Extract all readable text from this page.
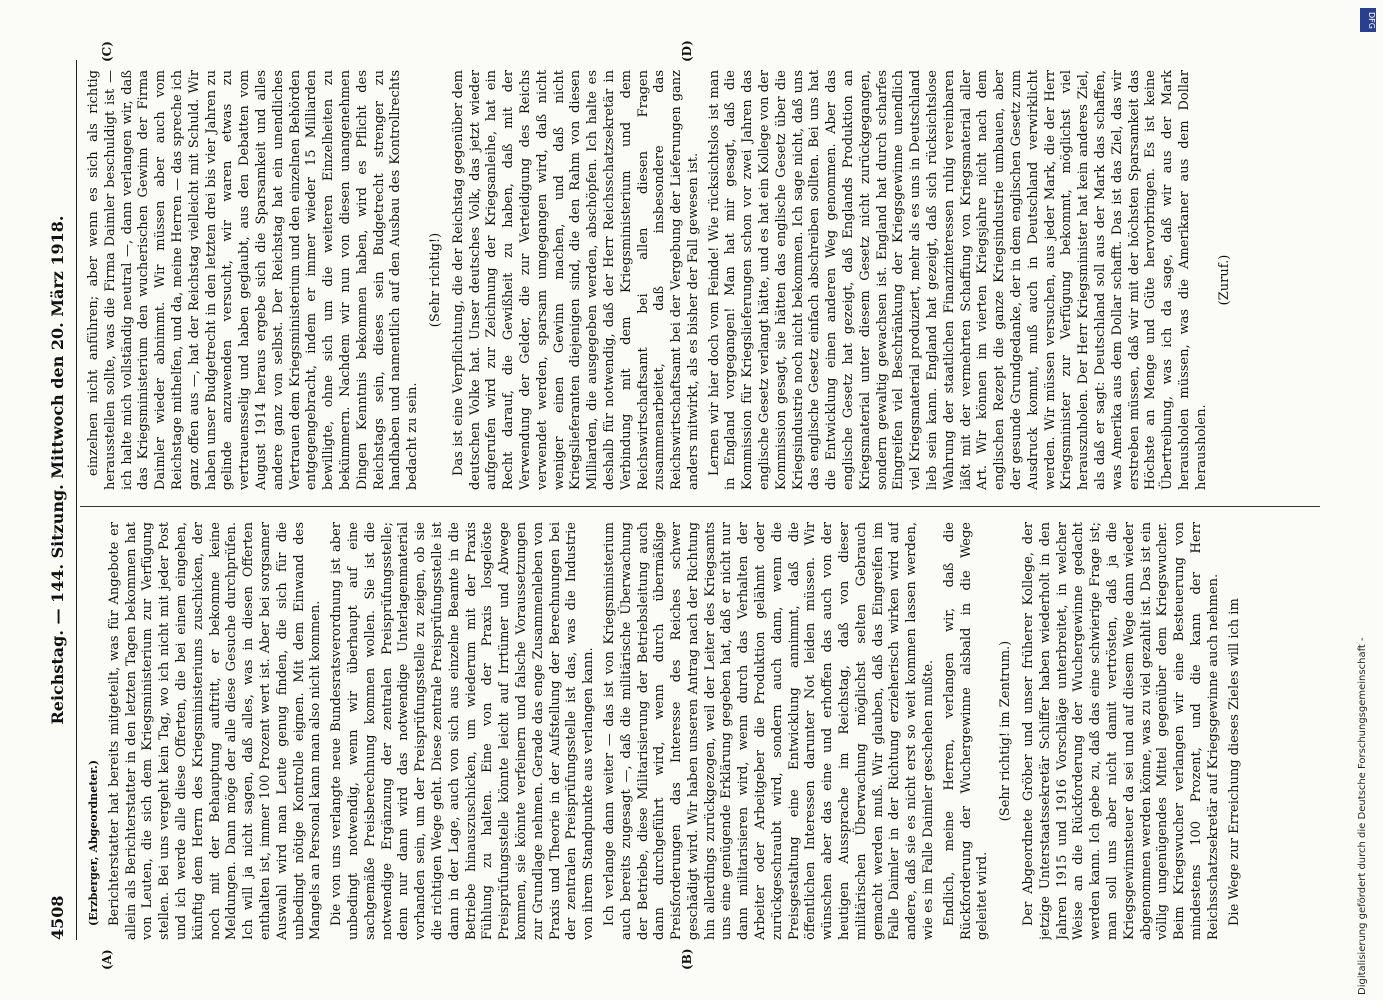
4508
Reichstag. — 144. Sitzung. Mittwoch den 20. März 1918.
(A)	(B)
(C)	(D)

(Erzberger, Abgeordneter.) Berichterstatter hat bereits mitgeteilt, was für Angebote er allein als Berichterstatter in den letzten Tagen bekommen hat von Leuten, die sich dem Kriegsministerium zur Verfügung stellen. Bei uns vergeht kein Tag, wo ich nicht mit jeder Post und ich werde alle diese Offerten, die bei einem eingehen, künftig dem Herrn des Kriegsministeriums zuschicken, der noch mit der Behauptung auftritt, er bekomme keine Meldungen. Dann möge der alle diese Gesuche durchprüfen. Ich will ja nicht sagen, daß alles, was in diesen Offerten enthalten ist, immer 100 Prozent wert ist. Aber bei sorgsamer Auswahl wird man Leute genug finden, die sich für die unbedingt nötige Kontrolle eignen. Mit dem Einwand des Mangels an Personal kann man also nicht kommen. Die von uns verlangte neue Bundesratsverordnung ist aber unbedingt notwendig, wenn wir überhaupt auf eine sachgemäße Preisberechnung kommen wollen. Sie ist die notwendige Ergänzung der zentralen Preisprüfungsstelle; denn nur dann wird das notwendige Unterlagenmaterial vorhanden sein, um der Preisprüfungsstelle zu zeigen, ob sie die richtigen Wege geht. Diese zentrale Preisprüfungsstelle ist dann in der Lage, auch von sich aus einzelne Beamte in die Betriebe hinauszuschicken, um wiederum mit der Praxis Fühlung zu halten. Eine von der Praxis losgelöste Preisprüfungsstelle könnte leicht auf Irrtümer und Abwege kommen, sie könnte verfeinern und falsche Voraussetzungen zur Grundlage nehmen. Gerade das enge Zusammenleben von Praxis und Theorie in der Aufstellung der Berechnungen bei der zentralen Preisprüfungsstelle ist das, was die Industrie von ihrem Standpunkte aus verlangen kann. Ich verlange dann weiter — das ist von Kriegsministerium auch bereits zugesagt —, daß die militärische Überwachung der Betriebe, diese Militarisierung der Betriebsleitung auch dann durchgeführt wird, wenn durch übermäßige Preisforderungen das Interesse des Reiches schwer geschädigt wird. Wir haben unseren Antrag nach der Richtung hin allerdings zurückgezogen, weil der Leiter des Kriegsamts uns eine genügende Erklärung gegeben hat, daß er nicht nur dann militarisieren wird, wenn durch das Verhalten der Arbeiter oder Arbeitgeber die Produktion gelähmt oder zurückgeschraubt wird, sondern auch dann, wenn die Preisgestaltung eine Entwicklung annimmt, daß die öffentlichen Interessen darunter Not leiden müssen. Wir wünschen aber das eine und erhoffen das auch von der heutigen Aussprache im Reichstag, daß von dieser militärischen Überwachung möglichst selten Gebrauch gemacht werden muß. Wir glauben, daß das Eingreifen im Falle Daimler in der Richtung erzieherisch wirken wird auf andere, daß sie es nicht erst so weit kommen lassen werden, wie es im Falle Daimler geschehen mußte. Endlich, meine Herren, verlangen wir, daß die Rückforderung der Wuchergewinne alsbald in die Wege geleitet wird.

(Sehr richtig! im Zentrum.) Der Abgeordnete Gröber und unser früherer Kollege, der jetzige Unterstaatssekretär Schiffer haben wiederholt in den Jahren 1915 und 1916 Vorschläge unterbreitet, in welcher Weise an die Rückforderung der Wuchergewinne gedacht werden kann. Ich gebe zu, daß das eine schwierige Frage ist; man soll uns aber nicht damit vertrösten, daß ja die Kriegsgewinnsteuer da sei und auf diesem Wege dann wieder abgenommen werden könne, was zu viel gezahlt ist. Das ist ein völlig ungenügendes Mittel gegenüber dem Kriegswucher. Beim Kriegswucher verlangen wir eine Besteuerung von mindestens 100 Prozent, und die kann der Herr Reichsschatzsekretär auf Kriegsgewinne auch nehmen. Die Wege zur Erreichung dieses Zieles will ich im

einzelnen nicht anführen; aber wenn es sich als richtig herausstellen sollte, was die Firma Daimler beschuldigt ist — ich halte mich vollständig neutral —, dann verlangen wir, daß das Kriegsministerium den wucherischen Gewinn der Firma Daimler wieder abnimmt. Wir müssen aber auch vom Reichstage mithelfen, und da, meine Herren — das spreche ich ganz offen aus —, hat der Reichstag vielleicht mit Schuld. Wir haben unser Budgetrecht in den letzten drei bis vier Jahren zu gelinde anzuwenden versucht, wir waren etwas zu vertrauensselig und haben geglaubt, aus den Debatten vom August 1914 heraus ergebe sich die Sparsamkeit und alles andere ganz von selbst. Der Reichstag hat ein unendliches Vertrauen dem Kriegsministerium und den einzelnen Behörden entgegengebracht, indem er immer wieder 15 Milliarden bewilligte, ohne sich um die weiteren Einzelheiten zu bekümmern. Nachdem wir nun von diesen unangenehmen Dingen Kenntnis bekommen haben, wird es Pflicht des Reichstags sein, dieses sein Budgetrecht strenger zu handhaben und namentlich auf den Ausbau des Kontrollrechts bedacht zu sein.

(Sehr richtig!) Das ist eine Verpflichtung, die der Reichstag gegenüber dem deutschen Volke hat. Unser deutsches Volk, das jetzt wieder aufgerufen wird zur Zeichnung der Kriegsanleihe, hat ein Recht darauf, die Gewißheit zu haben, daß mit der Verwendung der Gelder, die zur Verteidigung des Reichs verwendet werden, sparsam umgegangen wird, daß nicht weniger einen Gewinn machen, und daß nicht Kriegslieferanten diejenigen sind, die den Rahm von diesen Milliarden, die ausgegeben werden, abschöpfen. Ich halte es deshalb für notwendig, daß der Herr Reichsschatzsekretär in Verbindung mit dem Kriegsministerium und dem Reichswirtschaftsamt bei allen diesen Fragen zusammenarbeitet, daß insbesondere das Reichswirtschaftsamt bei der Vergebung der Lieferungen ganz anders mitwirkt, als es bisher der Fall gewesen ist. Lernen wir hier doch vom Feinde! Wie rücksichtslos ist man in England vorgegangen! Man hat mir gesagt, daß die Kommission für Kriegslieferungen schon vor zwei Jahren das englische Gesetz verlangt hätte, und es hat ein Kollege von der Kommission gesagt, sie hätten das englische Gesetz über die Kriegsindustrie noch nicht bekommen. Ich sage nicht, daß uns das englische Gesetz einfach abschreiben sollten. Bei uns hat die Entwicklung einen anderen Weg genommen. Aber das englische Gesetz hat gezeigt, daß Englands Produktion an Kriegsmaterial unter diesem Gesetz nicht zurückgegangen, sondern gewaltig gewachsen ist. England hat durch scharfes Eingreifen viel Beschränkung der Kriegsgewinne unendlich viel Kriegsmaterial produziert, mehr als es uns in Deutschland lieb sein kann. England hat gezeigt, daß sich rücksichtslose Wahrung der staatlichen Finanzinteressen ruhig vereinbaren läßt mit der vermehrten Schaffung von Kriegsmaterial aller Art. Wir können im vierten Kriegsjahre nicht nach dem englischen Rezept die ganze Kriegsindustrie umbauen, aber der gesunde Grundgedanke, der in dem englischen Gesetz zum Ausdruck kommt, muß auch in Deutschland verwirklicht werden. Wir müssen versuchen, aus jeder Mark, die der Herr Kriegsminister zur Verfügung bekommt, möglichst viel herauszuholen. Der Herr Kriegsminister hat kein anderes Ziel, als daß er sagt: Deutschland soll aus der Mark das schaffen, was Amerika aus dem Dollar schafft. Das ist das Ziel, das wir erstreben müssen, daß wir mit der höchsten Sparsamkeit das Höchste an Menge und Güte hervorbringen. Es ist keine Übertreibung, was ich da sage, daß wir aus der Mark herausholen müssen, was die Amerikaner aus dem Dollar herausholen.

(Zuruf.)

Digitalisierung gefördert durch die Deutsche Forschungsgemeinschaft -
DFG
